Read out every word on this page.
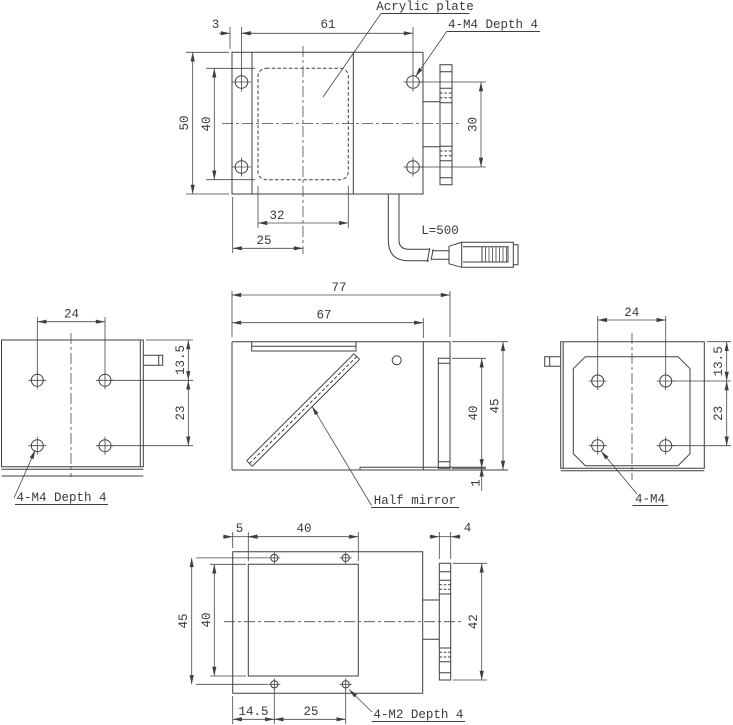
3	61
50 40	30
32
25
L=500
Acrylic plate
4-M4 Depth 4
77
67
45
40
1
Half mirror
24
13.5
23
4-M4 Depth 4
24
13.5
23
4-M4
5	40	4
45 40	42
14.5	25	4-M2 Depth 4
